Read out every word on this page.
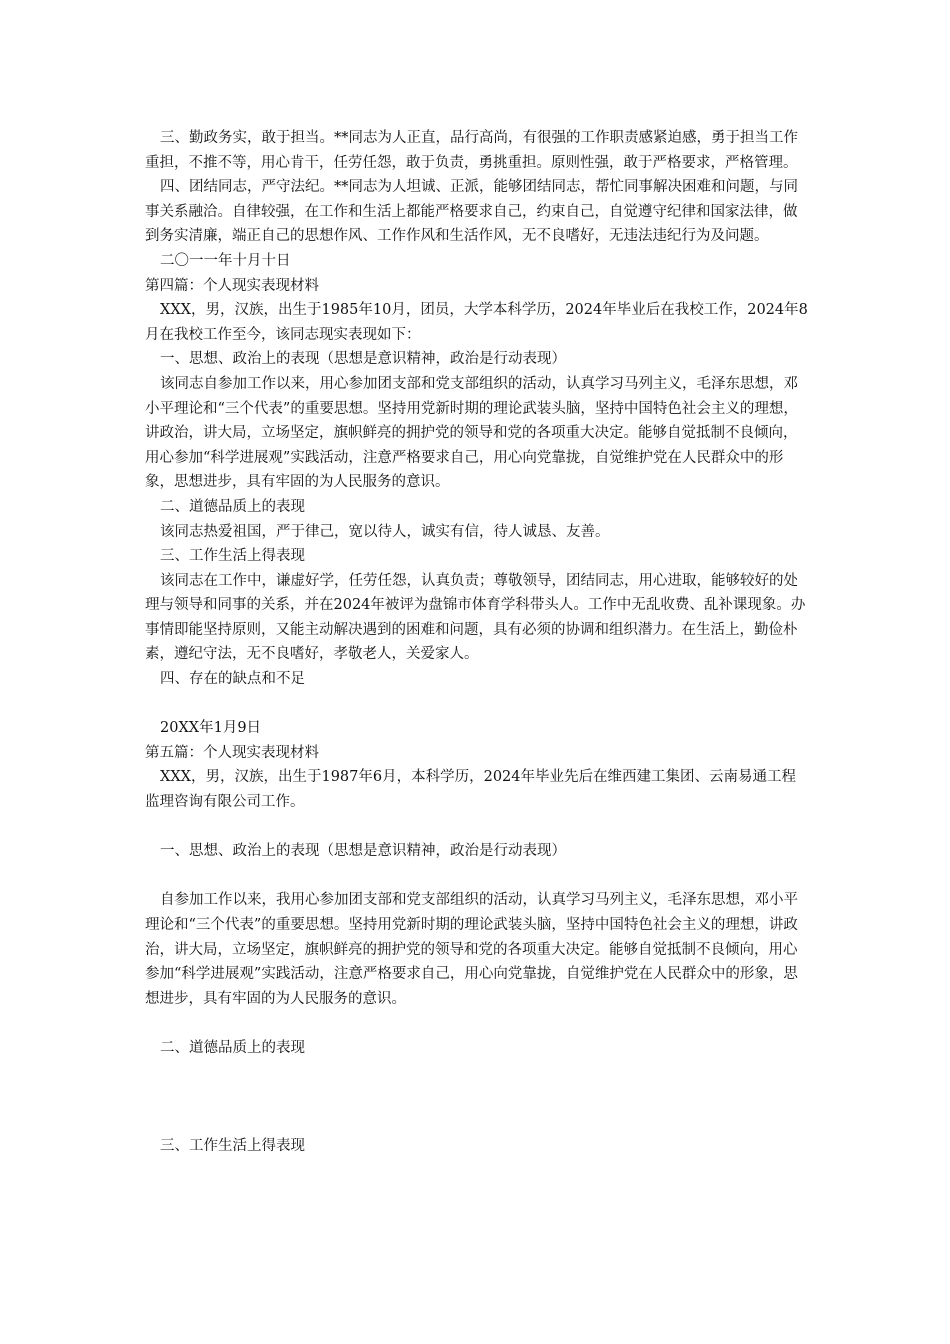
三、勤政务实，敢于担当。**同志为人正直，品行高尚，有很强的工作职责感紧迫感，勇于担当工作重担，不推不等，用心肯干，任劳任怨，敢于负责，勇挑重担。原则性强，敢于严格要求，严格管理。

四、团结同志，严守法纪。**同志为人坦诚、正派，能够团结同志，帮忙同事解决困难和问题，与同事关系融洽。自律较强，在工作和生活上都能严格要求自己，约束自己，自觉遵守纪律和国家法律，做到务实清廉，端正自己的思想作风、工作作风和生活作风，无不良嗜好，无违法违纪行为及问题。

二〇一一年十月十日

第四篇：个人现实表现材料

XXX，男，汉族，出生于1985年10月，团员，大学本科学历，2024年毕业后在我校工作，2024年8月在我校工作至今，该同志现实表现如下：

一、思想、政治上的表现（思想是意识精神，政治是行动表现）

该同志自参加工作以来，用心参加团支部和党支部组织的活动，认真学习马列主义，毛泽东思想，邓小平理论和“三个代表”的重要思想。坚持用党新时期的理论武装头脑，坚持中国特色社会主义的理想，讲政治，讲大局，立场坚定，旗帜鲜亮的拥护党的领导和党的各项重大决定。能够自觉抵制不良倾向，用心参加“科学进展观”实践活动，注意严格要求自己，用心向党靠拢，自觉维护党在人民群众中的形象，思想进步，具有牢固的为人民服务的意识。

二、道德品质上的表现

该同志热爱祖国，严于律己，宽以待人，诚实有信，待人诚恳、友善。

三、工作生活上得表现

该同志在工作中，谦虚好学，任劳任怨，认真负责；尊敬领导，团结同志，用心进取，能够较好的处理与领导和同事的关系，并在2024年被评为盘锦市体育学科带头人。工作中无乱收费、乱补课现象。办事情即能坚持原则，又能主动解决遇到的困难和问题，具有必须的协调和组织潜力。在生活上，勤俭朴素，遵纪守法，无不良嗜好，孝敬老人，关爱家人。

四、存在的缺点和不足

20XX年1月9日

第五篇：个人现实表现材料

XXX，男，汉族，出生于1987年6月，本科学历，2024年毕业先后在维西建工集团、云南易通工程监理咨询有限公司工作。

一、思想、政治上的表现（思想是意识精神，政治是行动表现）

自参加工作以来，我用心参加团支部和党支部组织的活动，认真学习马列主义，毛泽东思想，邓小平理论和“三个代表”的重要思想。坚持用党新时期的理论武装头脑，坚持中国特色社会主义的理想，讲政治，讲大局，立场坚定，旗帜鲜亮的拥护党的领导和党的各项重大决定。能够自觉抵制不良倾向，用心参加“科学进展观”实践活动，注意严格要求自己，用心向党靠拢，自觉维护党在人民群众中的形象，思想进步，具有牢固的为人民服务的意识。

二、道德品质上的表现

三、工作生活上得表现
